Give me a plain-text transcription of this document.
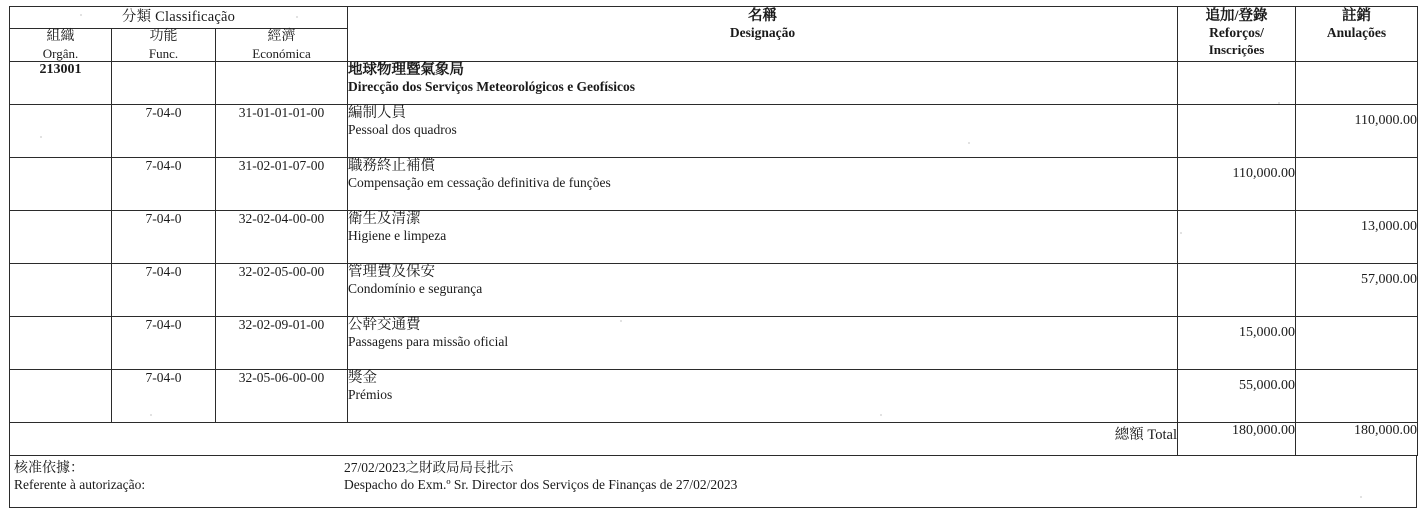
分類 Classificação			名稱
Designação	追加/登錄
Reforços/
Inscrições	註銷
Anulações

組織
Orgân.	功能
Func.	經濟
Económica			

213001			地球物理暨氣象局
Direcção dos Serviços Meteorológicos e Geofísicos		

	7-04-0	31-01-01-01-00	編制人員
Pessoal dos quadros		110,000.00
	7-04-0	31-02-01-07-00	職務終止補償
Compensação em cessação definitiva de funções	110,000.00	
	7-04-0	32-02-04-00-00	衛生及清潔
Higiene e limpeza		13,000.00
	7-04-0	32-02-05-00-00	管理費及保安
Condomínio e segurança		57,000.00
	7-04-0	32-02-09-01-00	公幹交通費
Passagens para missão oficial	15,000.00	
	7-04-0	32-05-06-00-00	獎金
Prémios	55,000.00	
總額 Total				180,000.00	180,000.00
核准依據：
Referente à autorização:
27/02/2023之財政局局長批示
Despacho do Exm.º Sr. Director dos Serviços de Finanças de 27/02/2023
